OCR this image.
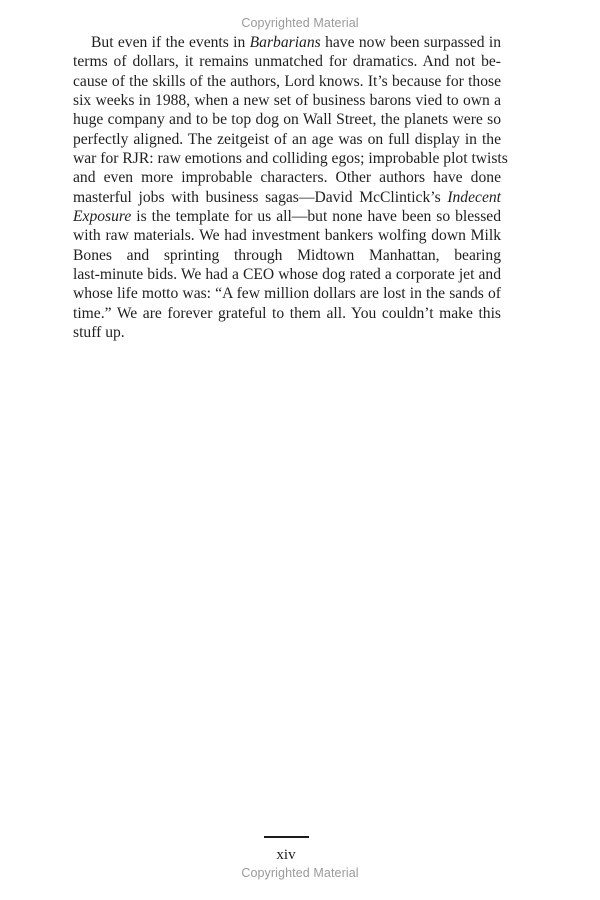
Copyrighted Material
But even if the events in Barbarians have now been surpassed in
terms of dollars, it remains unmatched for dramatics. And not be-
cause of the skills of the authors, Lord knows. It’s because for those
six weeks in 1988, when a new set of business barons vied to own a
huge company and to be top dog on Wall Street, the planets were so
perfectly aligned. The zeitgeist of an age was on full display in the
war for RJR: raw emotions and colliding egos; improbable plot twists
and even more improbable characters. Other authors have done
masterful jobs with business sagas—David McClintick’s Indecent
Exposure is the template for us all—but none have been so blessed
with raw materials. We had investment bankers wolfing down Milk
Bones and sprinting through Midtown Manhattan, bearing
last-minute bids. We had a CEO whose dog rated a corporate jet and
whose life motto was: “A few million dollars are lost in the sands of
time.” We are forever grateful to them all. You couldn’t make this
stuff up.
xiv
Copyrighted Material
